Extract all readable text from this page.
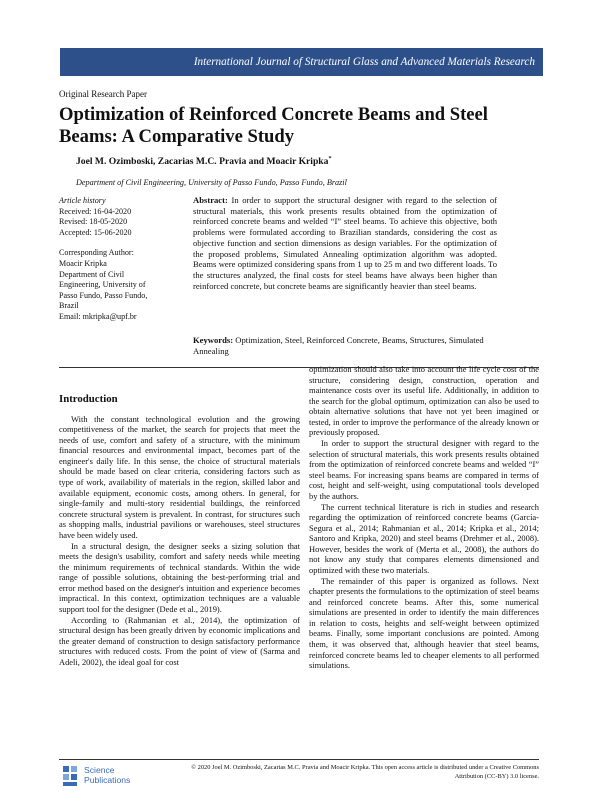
International Journal of Structural Glass and Advanced Materials Research
Original Research Paper
Optimization of Reinforced Concrete Beams and Steel Beams: A Comparative Study
Joel M. Ozimboski, Zacarias M.C. Pravia and Moacir Kripka*
Department of Civil Engineering, University of Passo Fundo, Passo Fundo, Brazil
Article history
Received: 16-04-2020
Revised: 18-05-2020
Accepted: 15-06-2020
Corresponding Author:
Moacir Kripka
Department of Civil
Engineering, University of
Passo Fundo, Passo Fundo,
Brazil
Email: mkripka@upf.br
Abstract: In order to support the structural designer with regard to the selection of structural materials, this work presents results obtained from the optimization of reinforced concrete beams and welded “I” steel beams. To achieve this objective, both problems were formulated according to Brazilian standards, considering the cost as objective function and section dimensions as design variables. For the optimization of the proposed problems, Simulated Annealing optimization algorithm was adopted. Beams were optimized considering spans from 1 up to 25 m and two different loads. To the structures analyzed, the final costs for steel beams have always been higher than reinforced concrete, but concrete beams are significantly heavier than steel beams.
Keywords: Optimization, Steel, Reinforced Concrete, Beams, Structures, Simulated Annealing
Introduction

With the constant technological evolution and the growing competitiveness of the market, the search for projects that meet the needs of use, comfort and safety of a structure, with the minimum financial resources and environmental impact, becomes part of the engineer's daily life. In this sense, the choice of structural materials should be made based on clear criteria, considering factors such as type of work, availability of materials in the region, skilled labor and available equipment, economic costs, among others. In general, for single-family and multi-story residential buildings, the reinforced concrete structural system is prevalent. In contrast, for structures such as shopping malls, industrial pavilions or warehouses, steel structures have been widely used.

In a structural design, the designer seeks a sizing solution that meets the design's usability, comfort and safety needs while meeting the minimum requirements of technical standards. Within the wide range of possible solutions, obtaining the best-performing trial and error method based on the designer's intuition and experience becomes impractical. In this context, optimization techniques are a valuable support tool for the designer (Dede et al., 2019).

According to (Rahmanian et al., 2014), the optimization of structural design has been greatly driven by economic implications and the greater demand of construction to design satisfactory performance structures with reduced costs. From the point of view of (Sarma and Adeli, 2002), the ideal goal for cost

optimization should also take into account the life cycle cost of the structure, considering design, construction, operation and maintenance costs over its useful life. Additionally, in addition to the search for the global optimum, optimization can also be used to obtain alternative solutions that have not yet been imagined or tested, in order to improve the performance of the already known or previously proposed.

In order to support the structural designer with regard to the selection of structural materials, this work presents results obtained from the optimization of reinforced concrete beams and welded “I” steel beams. For increasing spans beams are compared in terms of cost, height and self-weight, using computational tools developed by the authors.

The current technical literature is rich in studies and research regarding the optimization of reinforced concrete beams (García-Segura et al., 2014; Rahmanian et al., 2014; Kripka et al., 2014; Santoro and Kripka, 2020) and steel beams (Drehmer et al., 2008). However, besides the work of (Merta et al., 2008), the authors do not know any study that compares elements dimensioned and optimized with these two materials.

The remainder of this paper is organized as follows. Next chapter presents the formulations to the optimization of steel beams and reinforced concrete beams. After this, some numerical simulations are presented in order to identify the main differences in relation to costs, heights and self-weight between optimized beams. Finally, some important conclusions are pointed. Among them, it was observed that, although heavier that steel beams, reinforced concrete beams led to cheaper elements to all performed simulations.

Science
Publications
© 2020 Joel M. Ozimboski, Zacarias M.C. Pravia and Moacir Kripka. This open access article is distributed under a Creative Commons Attribution (CC-BY) 3.0 license.
